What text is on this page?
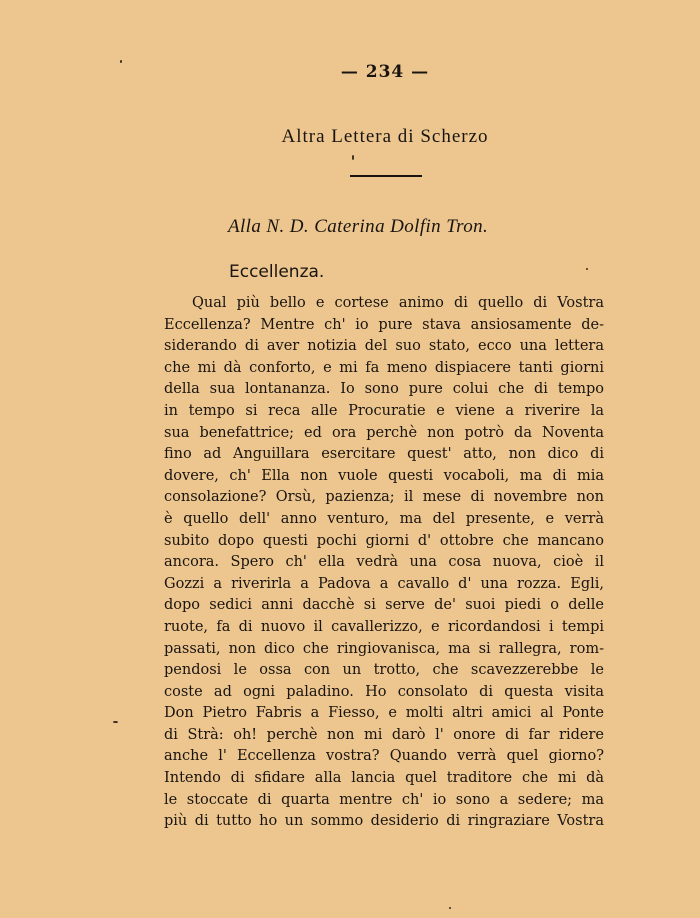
— 234 —
Altra Lettera di Scherzo
Alla N. D. Caterina Dolfin Tron.
Eccellenza.
Qual più bello e cortese animo di quello di Vostra
Eccellenza? Mentre ch' io pure stava ansiosamente de-
siderando di aver notizia del suo stato, ecco una lettera
che mi dà conforto, e mi fa meno dispiacere tanti giorni
della sua lontananza. Io sono pure colui che di tempo
in tempo si reca alle Procuratie e viene a riverire la
sua benefattrice; ed ora perchè non potrò da Noventa
fino ad Anguillara esercitare quest' atto, non dico di
dovere, ch' Ella non vuole questi vocaboli, ma di mia
consolazione? Orsù, pazienza; il mese di novembre non
è quello dell' anno venturo, ma del presente, e verrà
subito dopo questi pochi giorni d' ottobre che mancano
ancora. Spero ch' ella vedrà una cosa nuova, cioè il
Gozzi a riverirla a Padova a cavallo d' una rozza. Egli,
dopo sedici anni dacchè si serve de' suoi piedi o delle
ruote, fa di nuovo il cavallerizzo, e ricordandosi i tempi
passati, non dico che ringiovanisca, ma si rallegra, rom-
pendosi le ossa con un trotto, che scavezzerebbe le
coste ad ogni paladino. Ho consolato di questa visita
Don Pietro Fabris a Fiesso, e molti altri amici al Ponte
di Strà: oh! perchè non mi darò l' onore di far ridere
anche l' Eccellenza vostra? Quando verrà quel giorno?
Intendo di sfidare alla lancia quel traditore che mi dà
le stoccate di quarta mentre ch' io sono a sedere; ma
più di tutto ho un sommo desiderio di ringraziare Vostra
